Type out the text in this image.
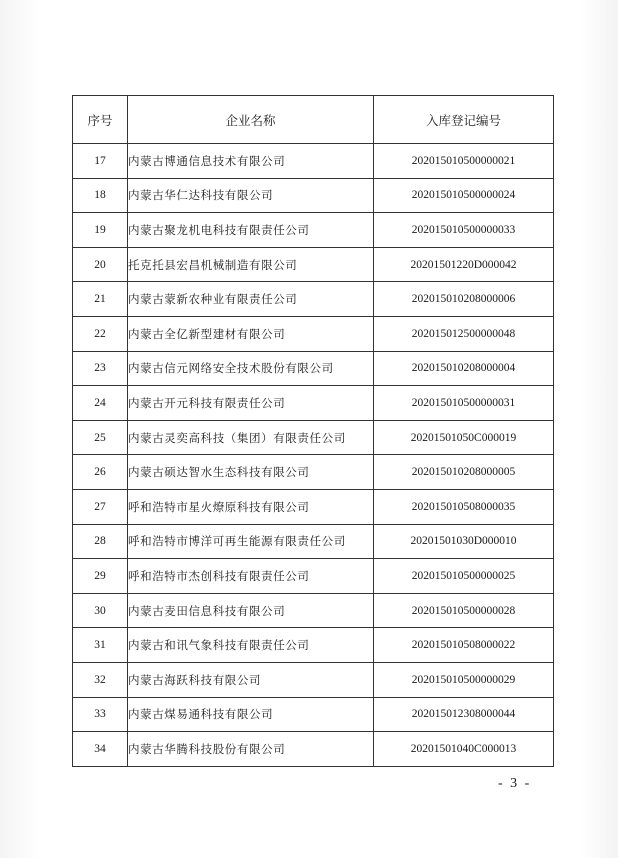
序号	企业名称	入库登记编号
17	内蒙古博通信息技术有限公司	202015010500000021
18	内蒙古华仁达科技有限公司	202015010500000024
19	内蒙古聚龙机电科技有限责任公司	202015010500000033
20	托克托县宏昌机械制造有限公司	20201501220D000042
21	内蒙古蒙新农种业有限责任公司	202015010208000006
22	内蒙古全亿新型建材有限公司	202015012500000048
23	内蒙古信元网络安全技术股份有限公司	202015010208000004
24	内蒙古开元科技有限责任公司	202015010500000031
25	内蒙古灵奕高科技（集团）有限责任公司	20201501050C000019
26	内蒙古硕达智水生态科技有限公司	202015010208000005
27	呼和浩特市星火燎原科技有限公司	202015010508000035
28	呼和浩特市博洋可再生能源有限责任公司	20201501030D000010
29	呼和浩特市杰创科技有限责任公司	202015010500000025
30	内蒙古麦田信息科技有限公司	202015010500000028
31	内蒙古和讯气象科技有限责任公司	202015010508000022
32	内蒙古海跃科技有限公司	202015010500000029
33	内蒙古煤易通科技有限公司	202015012308000044
34	内蒙古华腾科技股份有限公司	20201501040C000013
- 3 -
